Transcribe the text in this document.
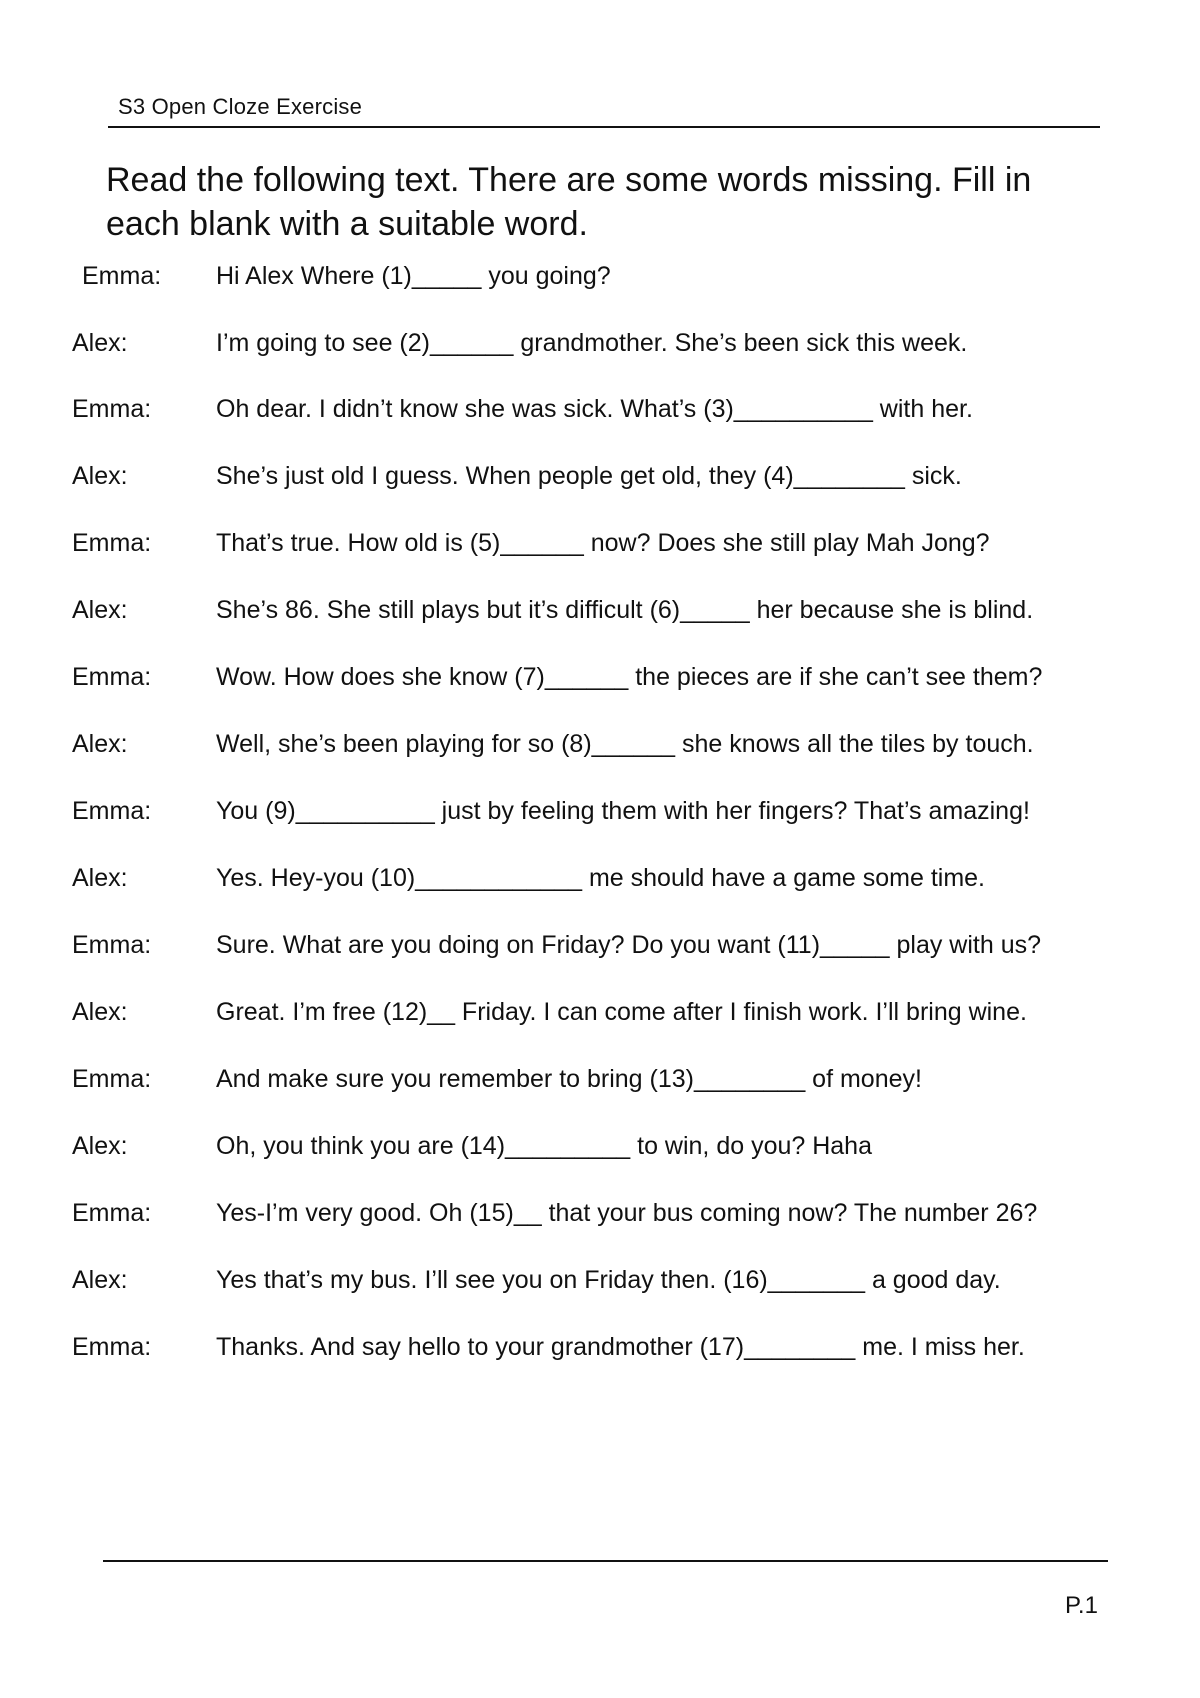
S3 Open Cloze Exercise
Read the following text. There are some words missing. Fill in each blank with a suitable word.
Emma: Hi Alex Where (1)_____ you going?
Alex:	I’m going to see (2)______ grandmother. She’s been sick this week.
Emma:	Oh dear. I didn’t know she was sick. What’s (3)__________ with her.
Alex:	She’s just old I guess. When people get old, they (4)________ sick.
Emma:	That’s true. How old is (5)______ now? Does she still play Mah Jong?
Alex:	She’s 86. She still plays but it’s difficult (6)_____ her because she is blind.
Emma:	Wow. How does she know (7)______ the pieces are if she can’t see them?
Alex:	Well, she’s been playing for so (8)______ she knows all the tiles by touch.
Emma:	You (9)__________ just by feeling them with her fingers? That’s amazing!
Alex:	Yes. Hey-you (10)____________ me should have a game some time.
Emma:	Sure. What are you doing on Friday? Do you want (11)_____ play with us?
Alex:	Great. I’m free (12)__ Friday. I can come after I finish work. I’ll bring wine.
Emma:	And make sure you remember to bring (13)________ of money!
Alex:	Oh, you think you are (14)_________ to win, do you? Haha
Emma:	Yes-I’m very good. Oh (15)__ that your bus coming now? The number 26?
Alex:	Yes that’s my bus. I’ll see you on Friday then. (16)_______ a good day.
Emma:	Thanks. And say hello to your grandmother (17)________ me. I miss her.
P.1
